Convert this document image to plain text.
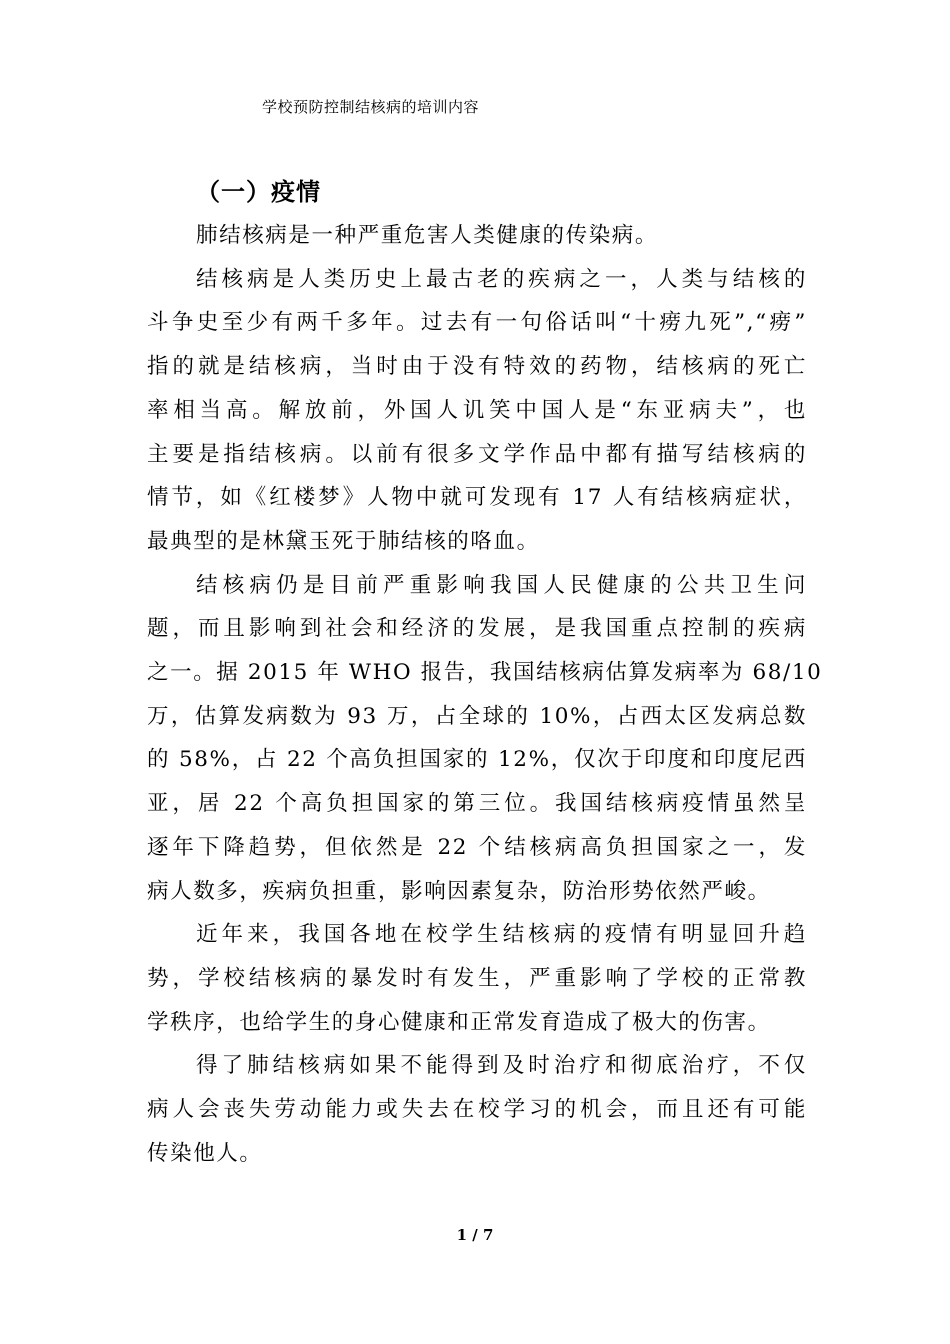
学校预防控制结核病的培训内容
（一）疫情

肺结核病是一种严重危害人类健康的传染病。

结核病是人类历史上最古老的疾病之一，人类与结核的
斗争史至少有两千多年。过去有一句俗话叫“十痨九死”,“痨”
指的就是结核病，当时由于没有特效的药物，结核病的死亡
率相当高。解放前，外国人讥笑中国人是“东亚病夫”，也
主要是指结核病。以前有很多文学作品中都有描写结核病的
情节，如《红楼梦》人物中就可发现有 17 人有结核病症状，
最典型的是林黛玉死于肺结核的咯血。

结核病仍是目前严重影响我国人民健康的公共卫生问
题，而且影响到社会和经济的发展，是我国重点控制的疾病
之一。据 2015 年 WHO 报告，我国结核病估算发病率为 68/10
万，估算发病数为 93 万，占全球的 10%，占西太区发病总数
的 58%，占 22 个高负担国家的 12%，仅次于印度和印度尼西
亚，居 22 个高负担国家的第三位。我国结核病疫情虽然呈
逐年下降趋势，但依然是 22 个结核病高负担国家之一，发
病人数多，疾病负担重，影响因素复杂，防治形势依然严峻。

近年来，我国各地在校学生结核病的疫情有明显回升趋
势，学校结核病的暴发时有发生，严重影响了学校的正常教
学秩序，也给学生的身心健康和正常发育造成了极大的伤害。

得了肺结核病如果不能得到及时治疗和彻底治疗，不仅
病人会丧失劳动能力或失去在校学习的机会，而且还有可能
传染他人。

1 / 7
